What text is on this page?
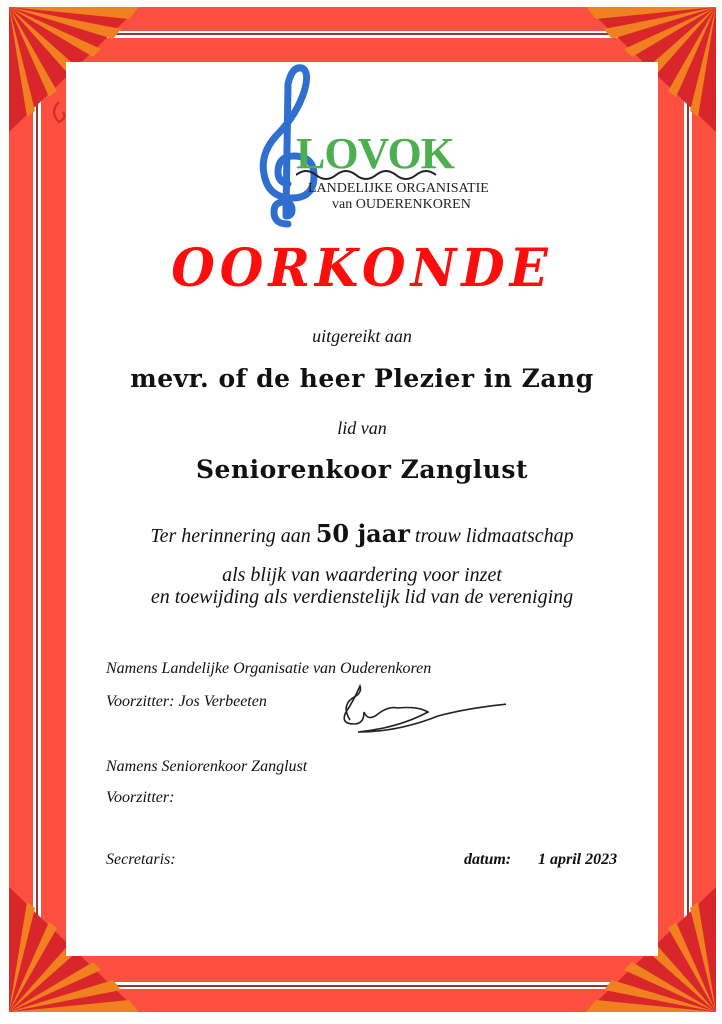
LOVOK
LANDELIJKE ORGANISATIE
van OUDERENKOREN
OORKONDE
uitgereikt aan
mevr. of de heer Plezier in Zang
lid van
Seniorenkoor Zanglust
Ter herinnering aan 50 jaar trouw lidmaatschap
als blijk van waardering voor inzet
en toewijding als verdienstelijk lid van de vereniging
Namens Landelijke Organisatie van Ouderenkoren
Voorzitter: Jos Verbeeten
Namens Seniorenkoor Zanglust
Voorzitter:
Secretaris:	datum: 1 april 2023
